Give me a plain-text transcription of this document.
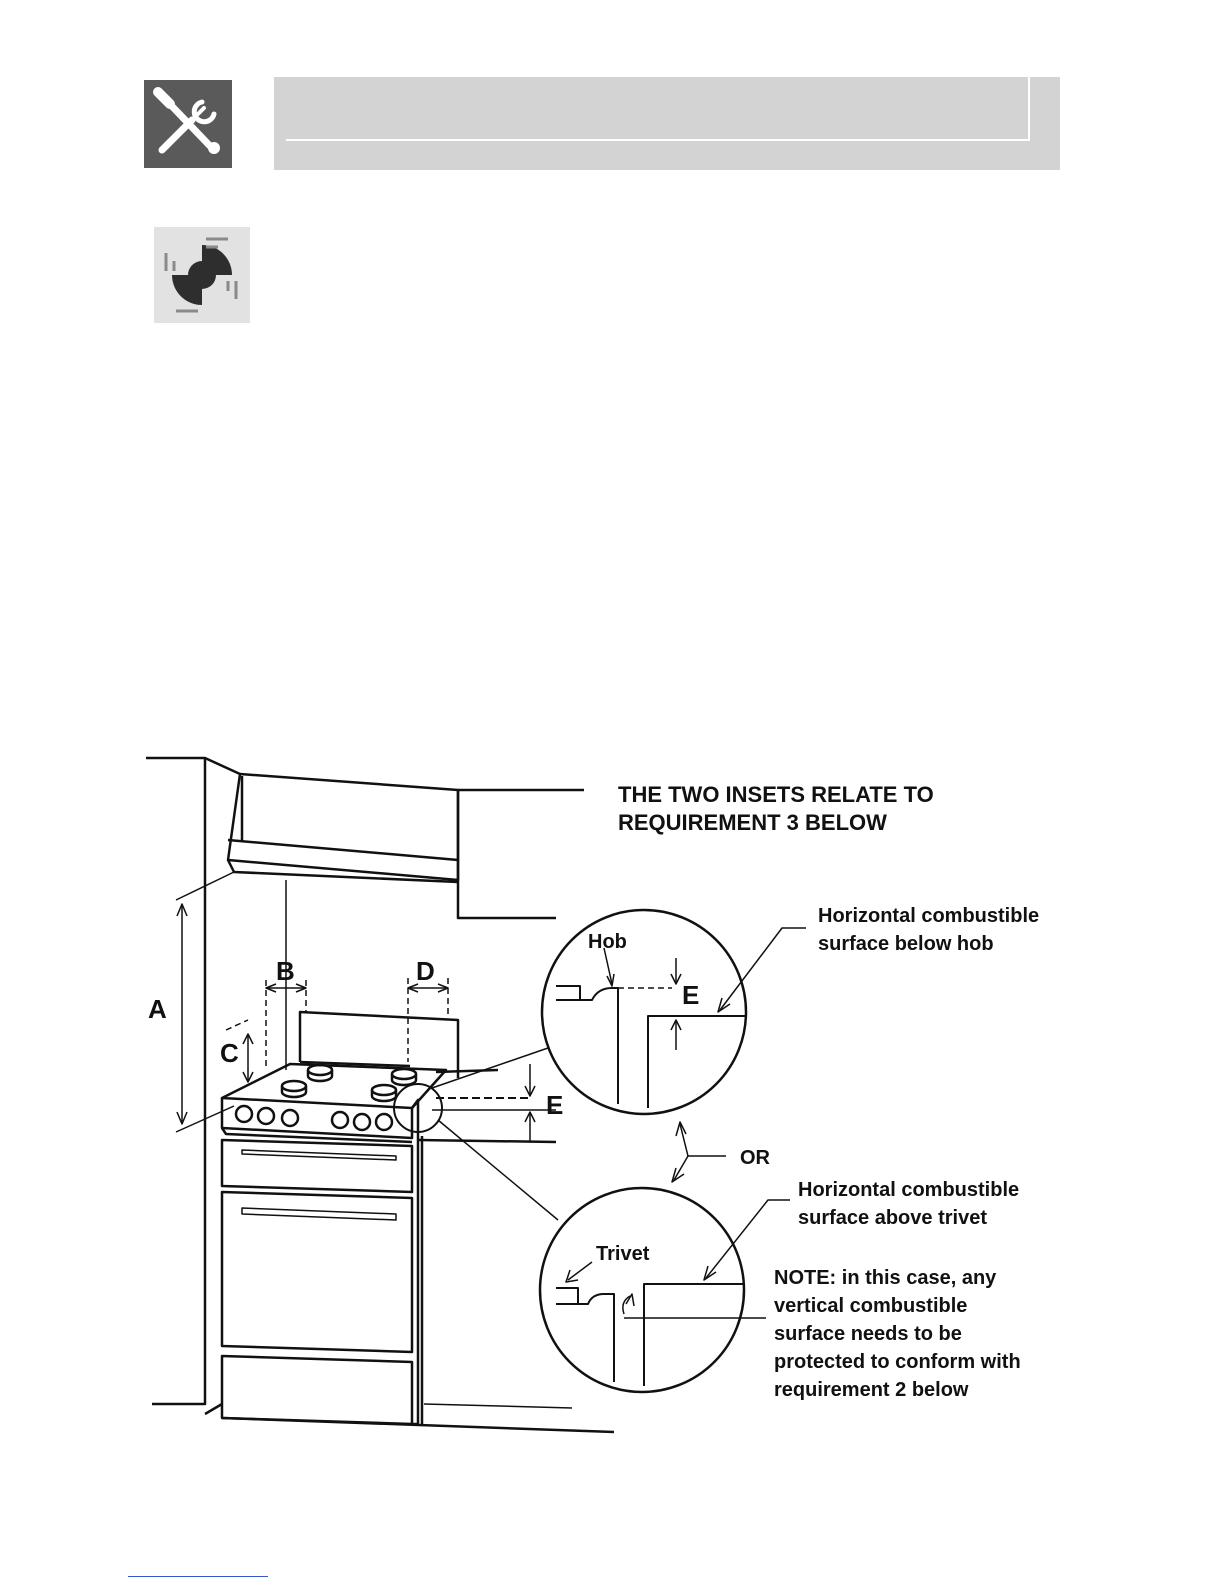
THE TWO INSETS RELATE TO
REQUIREMENT 3 BELOW
A
B
C
D
E
E
Hob
Trivet
OR
Horizontal combustible
surface below hob
Horizontal combustible
surface above trivet
NOTE: in this case, any
vertical combustible
surface needs to be
protected to conform with
requirement 2 below
